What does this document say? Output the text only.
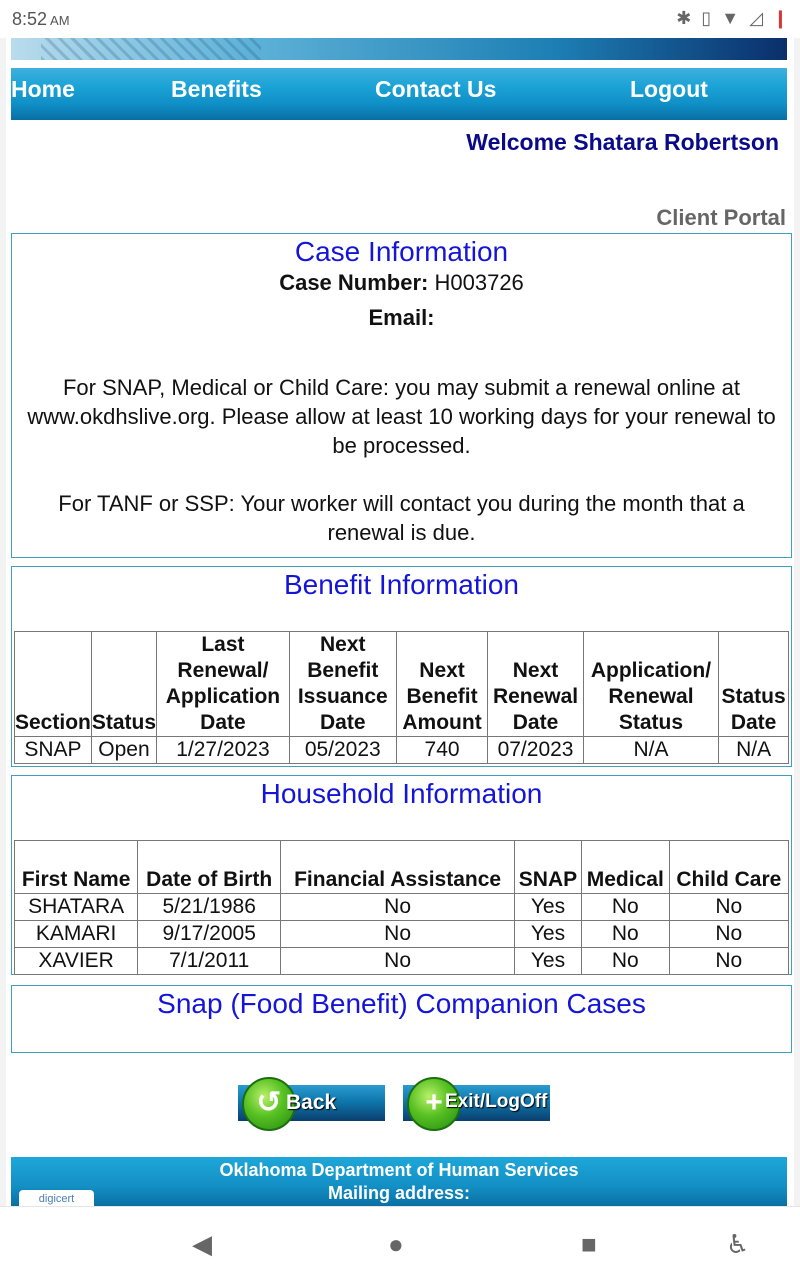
8:52 AM	✱ ▯ ▼ ◿ ❙
Home	Benefits	Contact Us	Logout
Welcome Shatara Robertson
Client Portal
Case Information
Case Number: H003726
Email:
For SNAP, Medical or Child Care: you may submit a renewal online at www.okdhslive.org. Please allow at least 10 working days for your renewal to be processed.
For TANF or SSP: Your worker will contact you during the month that a renewal is due.
Benefit Information
Section	Status	Last Renewal/ Application Date	Next Benefit Issuance Date	Next Benefit Amount	Next Renewal Date	Application/ Renewal Status	Status Date
SNAP	Open	1/27/2023	05/2023	740	07/2023	N/A	N/A
Household Information
First Name	Date of Birth	Financial Assistance	SNAP	Medical	Child Care
SHATARA	5/21/1986	No	Yes	No	No
KAMARI	9/17/2005	No	Yes	No	No
XAVIER	7/1/2011	No	Yes	No	No
Snap (Food Benefit) Companion Cases
↺ Back	+ Exit/LogOff
Oklahoma Department of Human Services
Mailing address:
digicert
◀	●	■	♿
